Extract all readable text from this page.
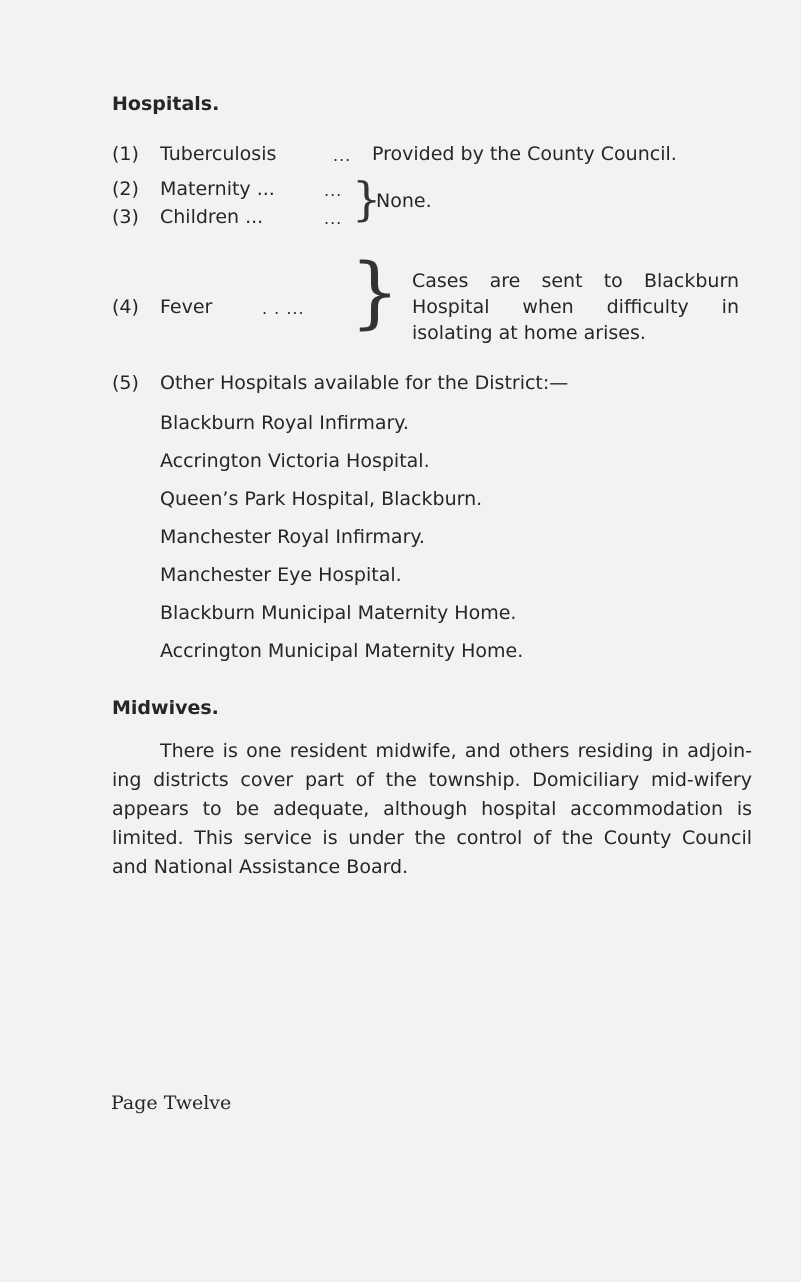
Hospitals.
(1) Tuberculosis	... Provided by the County Council.
(2) Maternity ...	...
(3) Children ...	... }
None.
(4) Fever	. . ... } Cases are sent to Blackburn
Hospital when difficulty in
isolating at home arises.
(5) Other Hospitals available for the District:—
Blackburn Royal Infirmary.
Accrington Victoria Hospital.
Queen’s Park Hospital, Blackburn.
Manchester Royal Infirmary.
Manchester Eye Hospital.
Blackburn Municipal Maternity Home.
Accrington Municipal Maternity Home.
Midwives.
There is one resident midwife, and others residing in adjoin-
ing districts cover part of the township. Domiciliary mid-wifery
appears to be adequate, although hospital accommodation is
limited. This service is under the control of the County Council
and National Assistance Board.
Page Twelve
